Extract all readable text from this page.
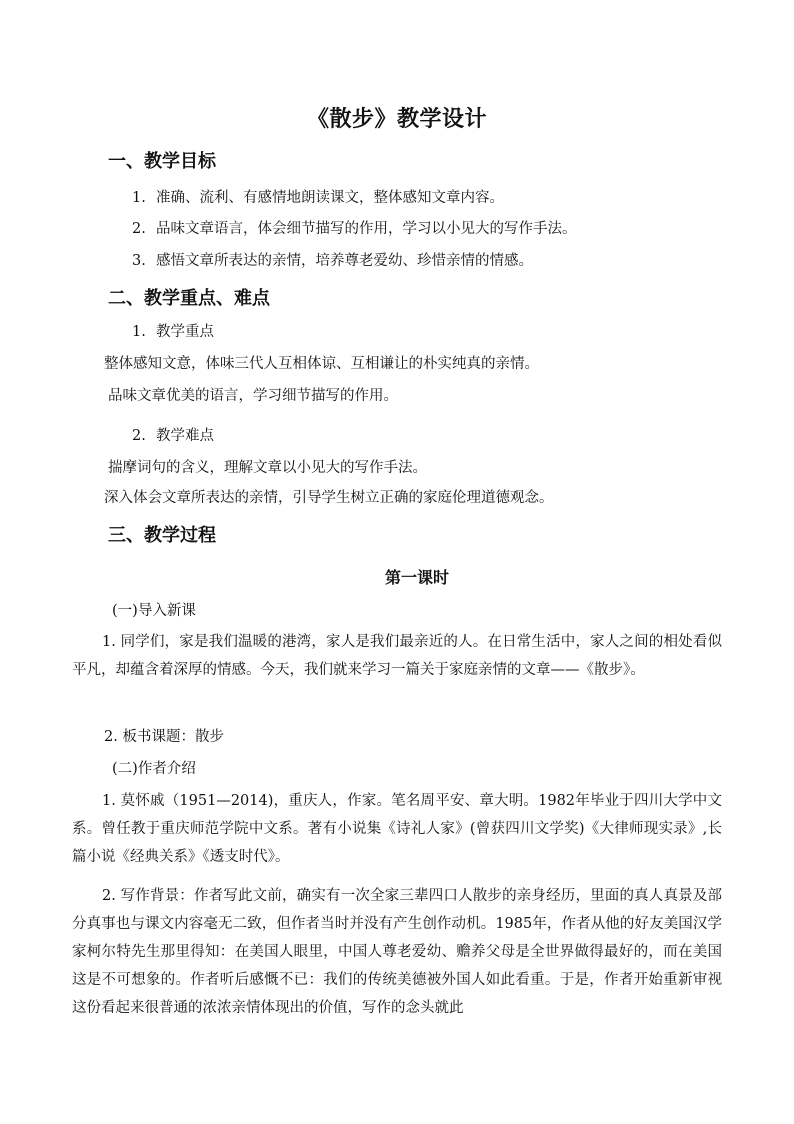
《散步》教学设计
一、教学目标
1. 准确、流利、有感情地朗读课文，整体感知文章内容。
2. 品味文章语言，体会细节描写的作用，学习以小见大的写作手法。
3. 感悟文章所表达的亲情，培养尊老爱幼、珍惜亲情的情感。
二、教学重点、难点
1. 教学重点
整体感知文意，体味三代人互相体谅、互相谦让的朴实纯真的亲情。
品味文章优美的语言，学习细节描写的作用。
2. 教学难点
揣摩词句的含义，理解文章以小见大的写作手法。
深入体会文章所表达的亲情，引导学生树立正确的家庭伦理道德观念。
三、教学过程
第一课时
(一)导入新课
1. 同学们，家是我们温暖的港湾，家人是我们最亲近的人。在日常生活中，家人之间的相处看似平凡，却蕴含着深厚的情感。今天，我们就来学习一篇关于家庭亲情的文章——《散步》。
2. 板书课题：散步
(二)作者介绍
1. 莫怀戚（1951—2014)，重庆人，作家。笔名周平安、章大明。1982年毕业于四川大学中文系。曾任教于重庆师范学院中文系。著有小说集《诗礼人家》(曾获四川文学奖)《大律师现实录》,长篇小说《经典关系》《透支时代》。
2. 写作背景：作者写此文前，确实有一次全家三辈四口人散步的亲身经历，里面的真人真景及部分真事也与课文内容毫无二致，但作者当时并没有产生创作动机。1985年，作者从他的好友美国汉学家柯尔特先生那里得知：在美国人眼里，中国人尊老爱幼、赡养父母是全世界做得最好的，而在美国这是不可想象的。作者听后感慨不已：我们的传统美德被外国人如此看重。于是，作者开始重新审视这份看起来很普通的浓浓亲情体现出的价值，写作的念头就此
